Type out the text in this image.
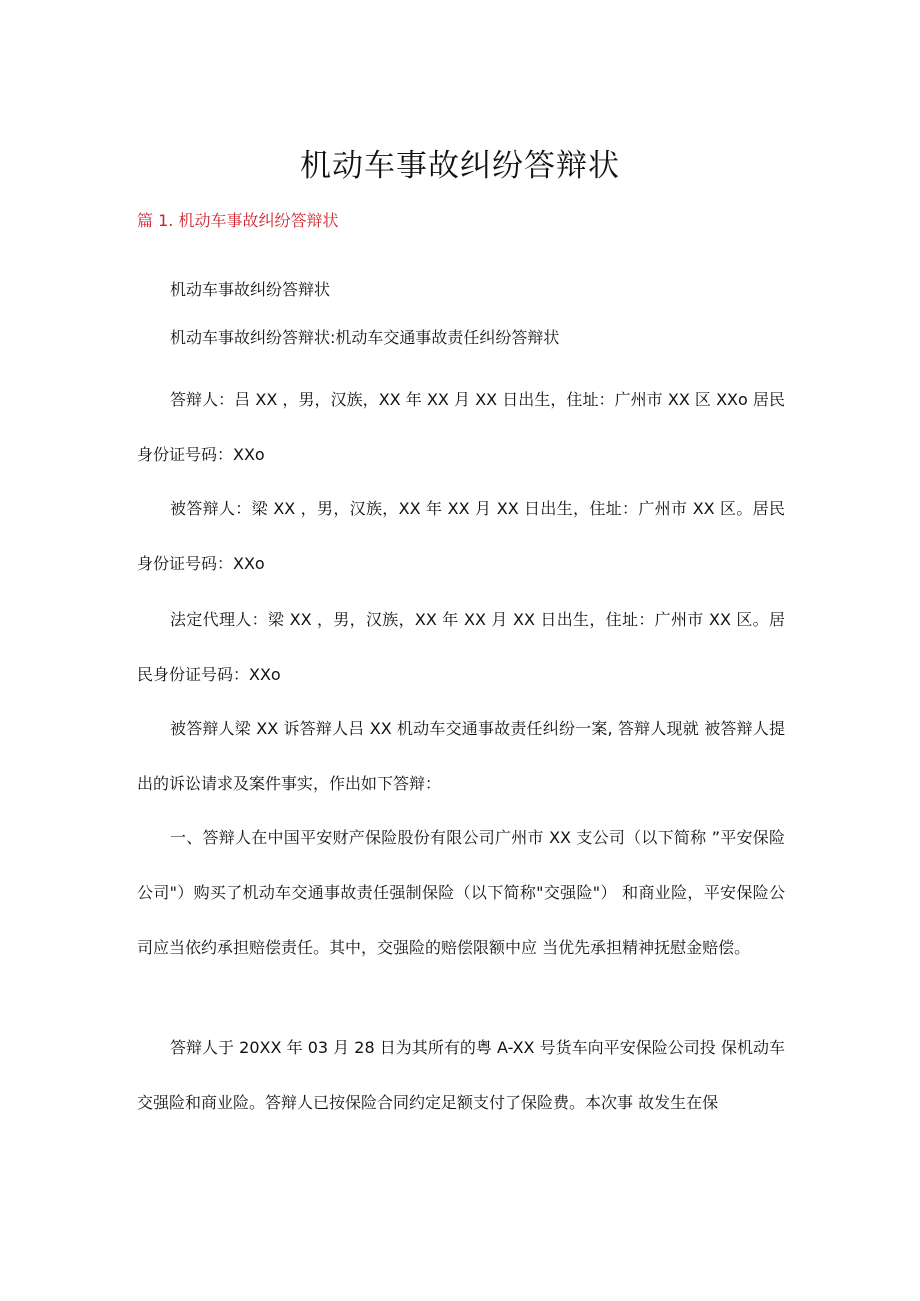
机动车事故纠纷答辩状
篇 1. 机动车事故纠纷答辩状

机动车事故纠纷答辩状

机动车事故纠纷答辩状:机动车交通事故责任纠纷答辩状

答辩人：吕 XX ，男，汉族，XX 年 XX 月 XX 日出生，住址：广州市 XX 区 XXo 居民身份证号码：XXo

被答辩人：梁 XX ，男，汉族，XX 年 XX 月 XX 日出生，住址：广州市 XX 区。居民身份证号码：XXo

法定代理人：梁 XX ，男，汉族，XX 年 XX 月 XX 日出生，住址：广州市 XX 区。居民身份证号码：XXo

被答辩人梁 XX 诉答辩人吕 XX 机动车交通事故责任纠纷一案, 答辩人现就 被答辩人提出的诉讼请求及案件事实，作出如下答辩：

一、答辩人在中国平安财产保险股份有限公司广州市 XX 支公司（以下简称 ”平安保险公司"）购买了机动车交通事故责任强制保险（以下简称"交强险"） 和商业险，平安保险公司应当依约承担赔偿责任。其中，交强险的赔偿限额中应 当优先承担精神抚慰金赔偿。

答辩人于 20XX 年 03 月 28 日为其所有的粤 A-XX 号货车向平安保险公司投 保机动车交强险和商业险。答辩人已按保险合同约定足额支付了保险费。本次事 故发生在保
